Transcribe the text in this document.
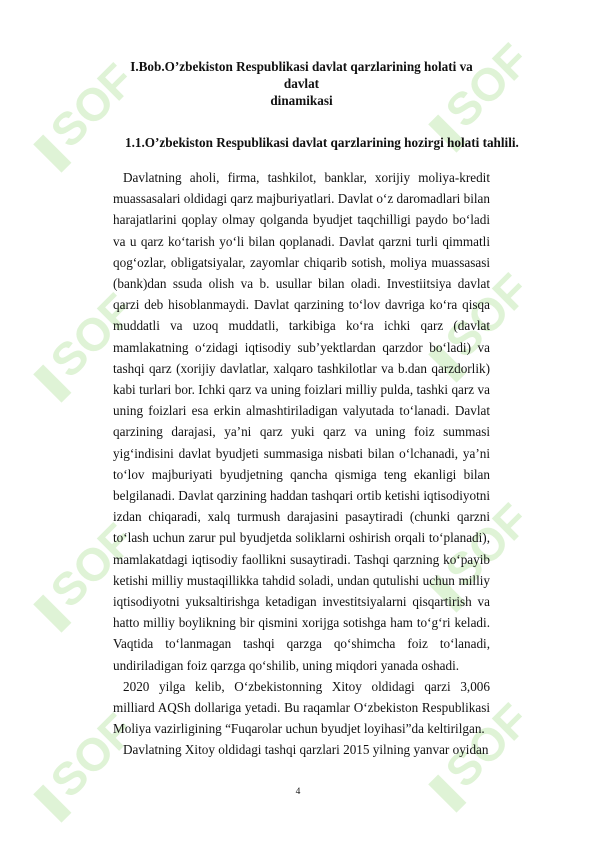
SOF	SOF
SOF	SOF
SOF	SOF
SOF	SOF
I.Bob.O’zbekiston Respublikasi davlat qarzlarining holati va davlat
dinamikasi
1.1.O’zbekiston Respublikasi davlat qarzlarining hozirgi holati tahlili.

Davlatning aholi, firma, tashkilot, banklar, xorijiy moliya-kredit muassasalari oldidagi qarz majburiyatlari. Davlat o‘z daromadlari bilan harajatlarini qoplay olmay qolganda byudjet taqchilligi paydo bo‘ladi va u qarz ko‘tarish yo‘li bilan qoplanadi. Davlat qarzni turli qimmatli qog‘ozlar, obligatsiyalar, zayomlar chiqarib sotish, moliya muassasasi (bank)dan ssuda olish va b. usullar bilan oladi. Investiitsiya davlat qarzi deb hisoblanmaydi. Davlat qarzining to‘lov davriga ko‘ra qisqa muddatli va uzoq muddatli, tarkibiga ko‘ra ichki qarz (davlat mamlakatning o‘zidagi iqtisodiy sub’yektlardan qarzdor bo‘ladi) va tashqi qarz (xorijiy davlatlar, xalqaro tashkilotlar va b.dan qarzdorlik) kabi turlari bor. Ichki qarz va uning foizlari milliy pulda, tashki qarz va uning foizlari esa erkin almashtiriladigan valyutada to‘lanadi. Davlat qarzining darajasi, ya’ni qarz yuki qarz va uning foiz summasi yig‘indisini davlat byudjeti summasiga nisbati bilan o‘lchanadi, ya’ni to‘lov majburiyati byudjetning qancha qismiga teng ekanligi bilan belgilanadi. Davlat qarzining haddan tashqari ortib ketishi iqtisodiyotni izdan chiqaradi, xalq turmush darajasini pasaytiradi (chunki qarzni to‘lash uchun zarur pul byudjetda soliklarni oshirish orqali to‘planadi), mamlakatdagi iqtisodiy faollikni susaytiradi. Tashqi qarzning ko‘payib ketishi milliy mustaqillikka tahdid soladi, undan qutulishi uchun milliy iqtisodiyotni yuksaltirishga ketadigan investitsiyalarni qisqartirish va hatto milliy boylikning bir qismini xorijga sotishga ham to‘g‘ri keladi. Vaqtida to‘lanmagan tashqi qarzga qo‘shimcha foiz to‘lanadi, undiriladigan foiz qarzga qo‘shilib, uning miqdori yanada oshadi.

2020 yilga kelib, O‘zbekistonning Xitoy oldidagi qarzi 3,006 milliard AQSh dollariga yetadi. Bu raqamlar O‘zbekiston Respublikasi Moliya vazirligining “Fuqarolar uchun byudjet loyihasi”da keltirilgan.

Davlatning Xitoy oldidagi tashqi qarzlari 2015 yilning yanvar oyidan

4
